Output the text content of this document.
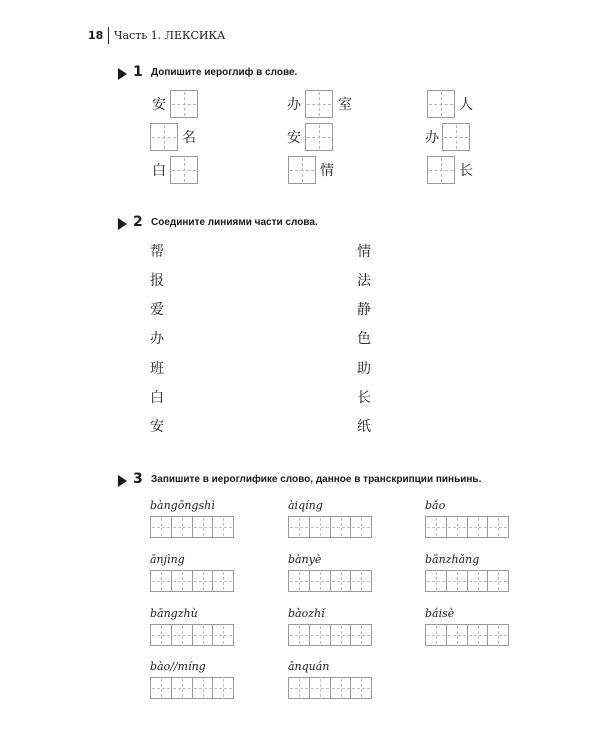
18 Часть 1. ЛЕКСИКА
1 Допишите иероглиф в слове.
安	办	室	人
名	安	办
白	情	长
2 Соедините линиями части слова.
帮
报
爱
办
班
白
安
情
法
静
色
助
长
纸
3 Запишите в иероглифике слово, данное в транскрипции пиньинь.
bàngōngshì	àiqíng	bǎo
ānjìng	bànyè	bānzhǎng
bāngzhù	bàozhǐ	báisè
bào//míng	ānquán
